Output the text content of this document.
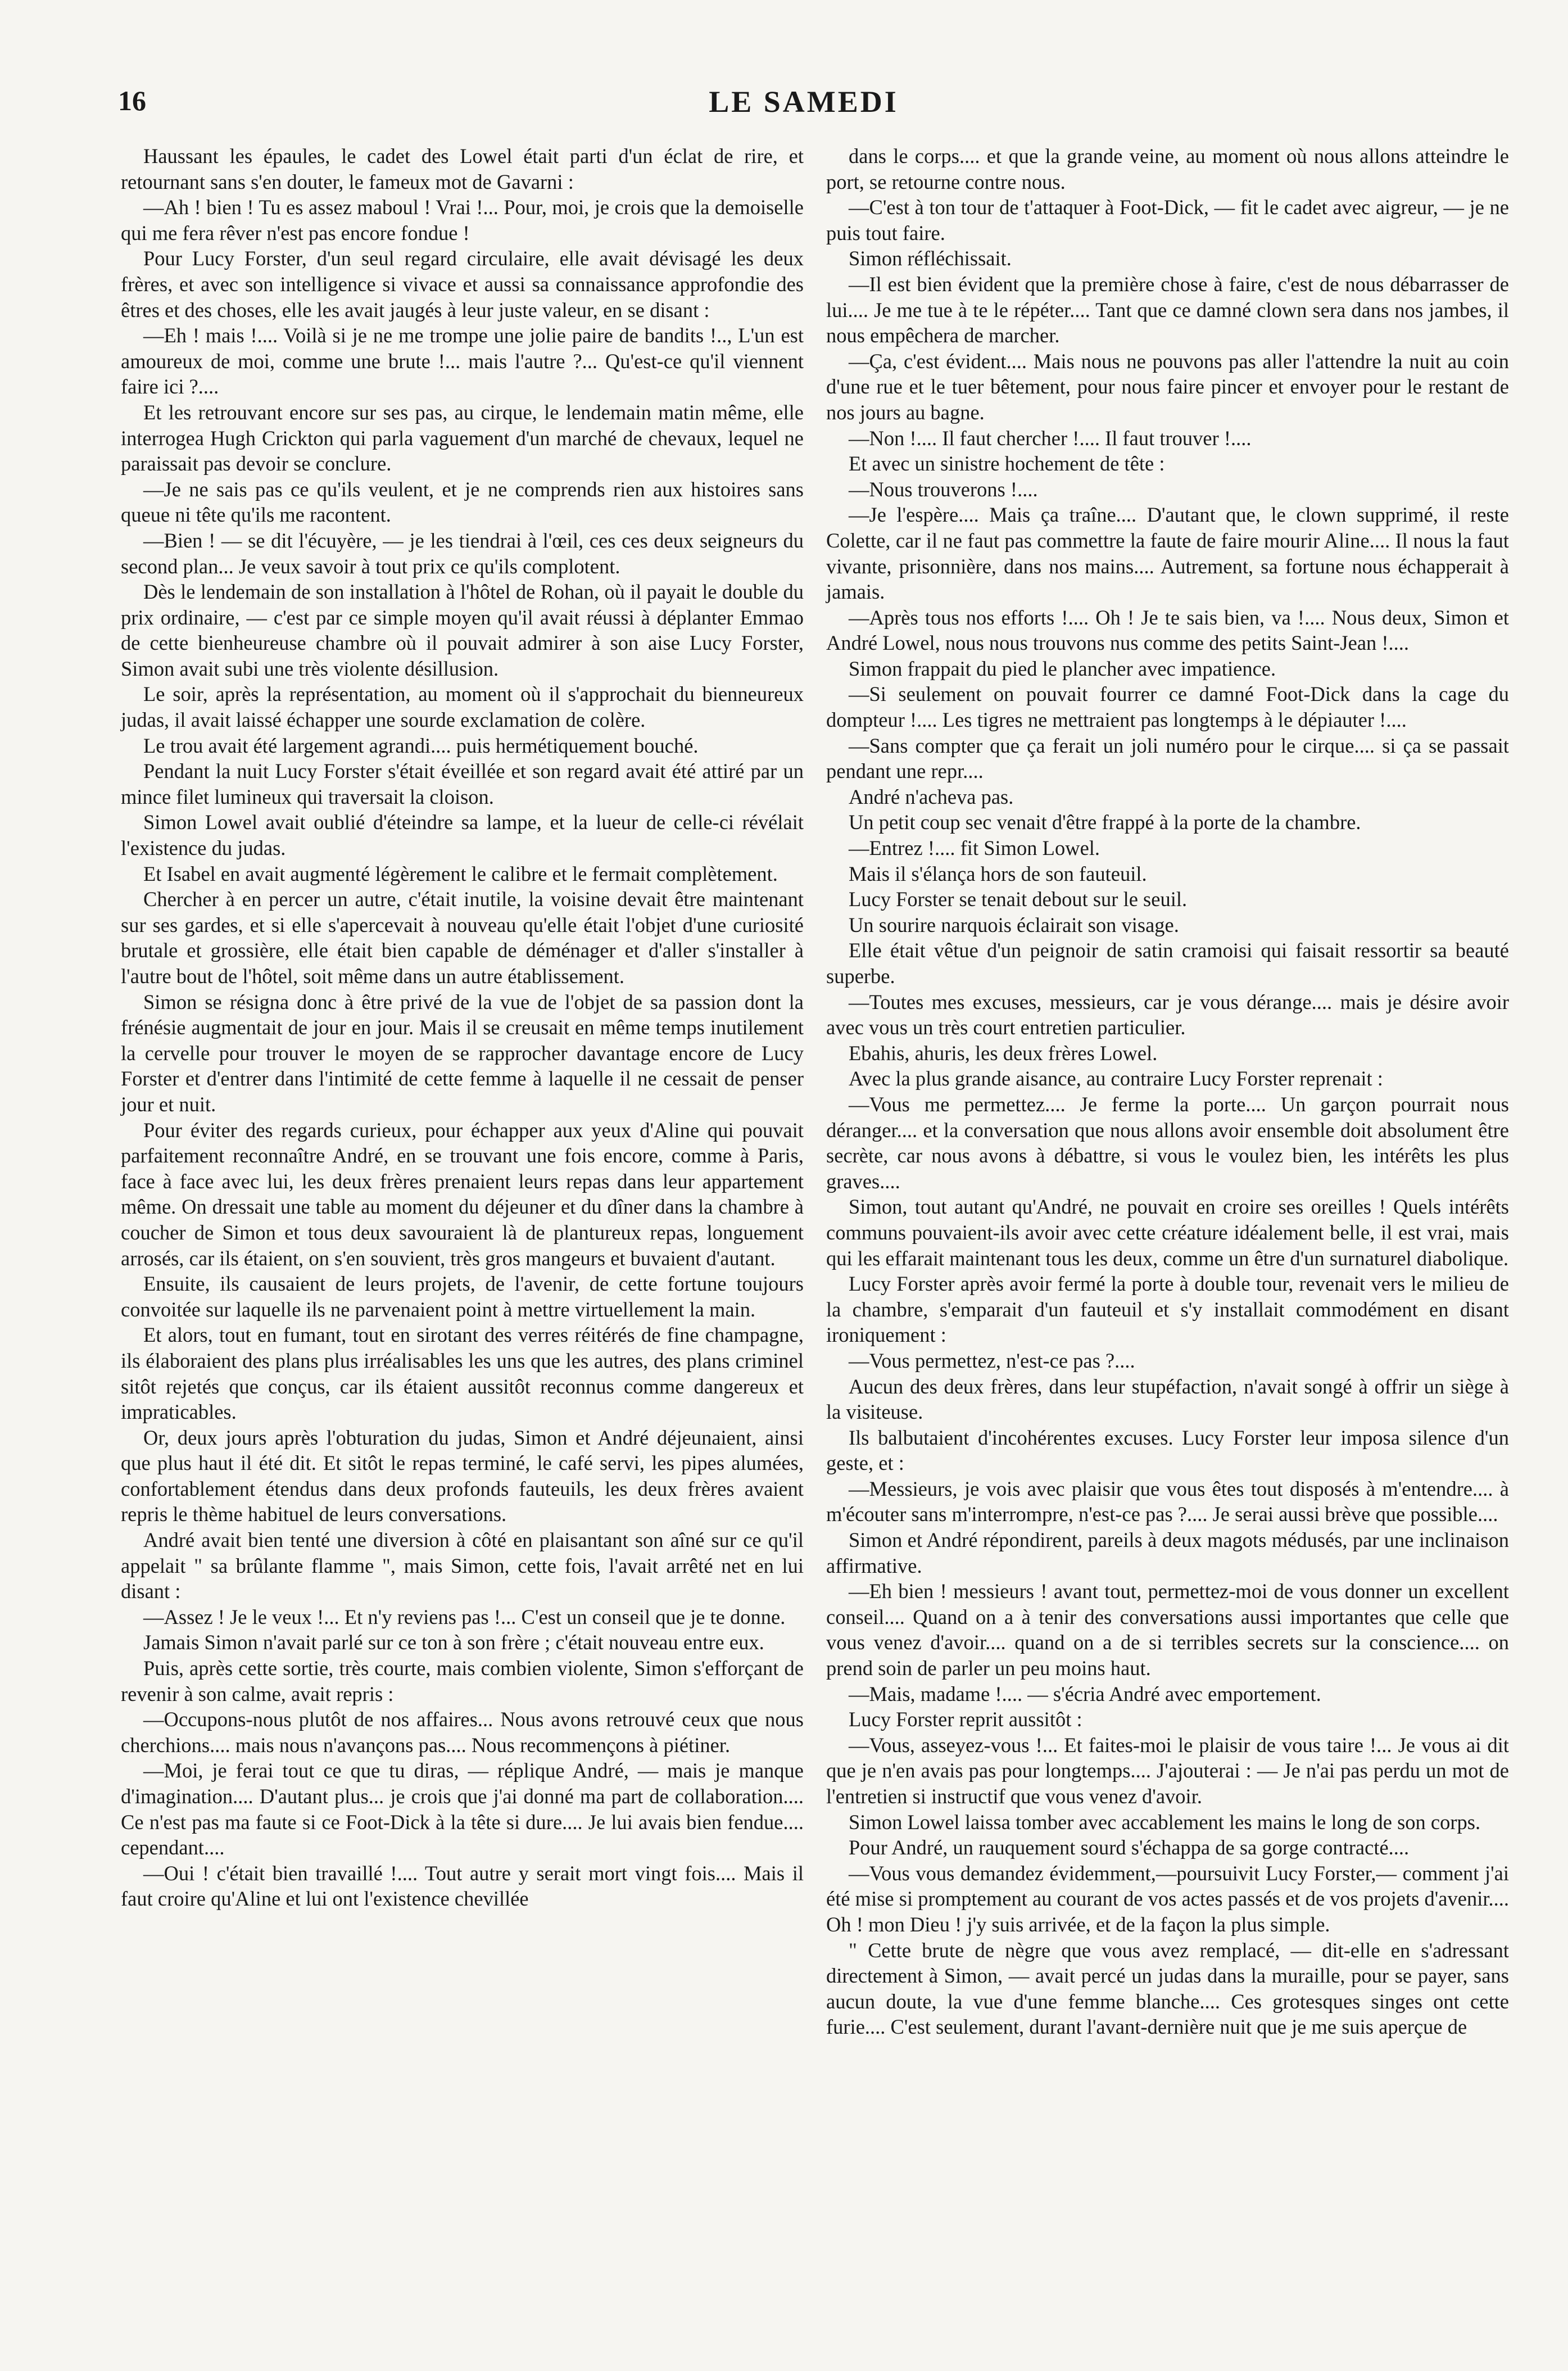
16	LE SAMEDI

Haussant les épaules, le cadet des Lowel était parti d'un éclat de rire, et retournant sans s'en douter, le fameux mot de Gavarni :

—Ah ! bien ! Tu es assez maboul ! Vrai !... Pour, moi, je crois que la demoiselle qui me fera rêver n'est pas encore fondue !

Pour Lucy Forster, d'un seul regard circulaire, elle avait dévisagé les deux frères, et avec son intelligence si vivace et aussi sa connaissance approfondie des êtres et des choses, elle les avait jaugés à leur juste valeur, en se disant :

—Eh ! mais !.... Voilà si je ne me trompe une jolie paire de bandits !.., L'un est amoureux de moi, comme une brute !... mais l'autre ?... Qu'est-ce qu'il viennent faire ici ?....

Et les retrouvant encore sur ses pas, au cirque, le lendemain matin même, elle interrogea Hugh Crickton qui parla vaguement d'un marché de chevaux, lequel ne paraissait pas devoir se conclure.

—Je ne sais pas ce qu'ils veulent, et je ne comprends rien aux histoires sans queue ni tête qu'ils me racontent.

—Bien ! — se dit l'écuyère, — je les tiendrai à l'œil, ces ces deux seigneurs du second plan... Je veux savoir à tout prix ce qu'ils complotent.

Dès le lendemain de son installation à l'hôtel de Rohan, où il payait le double du prix ordinaire, — c'est par ce simple moyen qu'il avait réussi à déplanter Emmao de cette bienheureuse chambre où il pouvait admirer à son aise Lucy Forster, Simon avait subi une très violente désillusion.

Le soir, après la représentation, au moment où il s'approchait du bienneureux judas, il avait laissé échapper une sourde exclamation de colère.

Le trou avait été largement agrandi.... puis hermétiquement bouché.

Pendant la nuit Lucy Forster s'était éveillée et son regard avait été attiré par un mince filet lumineux qui traversait la cloison.

Simon Lowel avait oublié d'éteindre sa lampe, et la lueur de celle-ci révélait l'existence du judas.

Et Isabel en avait augmenté légèrement le calibre et le fermait complètement.

Chercher à en percer un autre, c'était inutile, la voisine devait être maintenant sur ses gardes, et si elle s'apercevait à nouveau qu'elle était l'objet d'une curiosité brutale et grossière, elle était bien capable de déménager et d'aller s'installer à l'autre bout de l'hôtel, soit même dans un autre établissement.

Simon se résigna donc à être privé de la vue de l'objet de sa passion dont la frénésie augmentait de jour en jour. Mais il se creusait en même temps inutilement la cervelle pour trouver le moyen de se rapprocher davantage encore de Lucy Forster et d'entrer dans l'intimité de cette femme à laquelle il ne cessait de penser jour et nuit.

Pour éviter des regards curieux, pour échapper aux yeux d'Aline qui pouvait parfaitement reconnaître André, en se trouvant une fois encore, comme à Paris, face à face avec lui, les deux frères prenaient leurs repas dans leur appartement même. On dressait une table au moment du déjeuner et du dîner dans la chambre à coucher de Simon et tous deux savouraient là de plantureux repas, longuement arrosés, car ils étaient, on s'en souvient, très gros mangeurs et buvaient d'autant.

Ensuite, ils causaient de leurs projets, de l'avenir, de cette fortune toujours convoitée sur laquelle ils ne parvenaient point à mettre virtuellement la main.

Et alors, tout en fumant, tout en sirotant des verres réitérés de fine champagne, ils élaboraient des plans plus irréalisables les uns que les autres, des plans criminel sitôt rejetés que conçus, car ils étaient aussitôt reconnus comme dangereux et impraticables.

Or, deux jours après l'obturation du judas, Simon et André déjeunaient, ainsi que plus haut il été dit. Et sitôt le repas terminé, le café servi, les pipes alumées, confortablement étendus dans deux profonds fauteuils, les deux frères avaient repris le thème habituel de leurs conversations.

André avait bien tenté une diversion à côté en plaisantant son aîné sur ce qu'il appelait " sa brûlante flamme ", mais Simon, cette fois, l'avait arrêté net en lui disant :

—Assez ! Je le veux !... Et n'y reviens pas !... C'est un conseil que je te donne.

Jamais Simon n'avait parlé sur ce ton à son frère ; c'était nouveau entre eux.

Puis, après cette sortie, très courte, mais combien violente, Simon s'efforçant de revenir à son calme, avait repris :

—Occupons-nous plutôt de nos affaires... Nous avons retrouvé ceux que nous cherchions.... mais nous n'avançons pas.... Nous recommençons à piétiner.

—Moi, je ferai tout ce que tu diras, — réplique André, — mais je manque d'imagination.... D'autant plus... je crois que j'ai donné ma part de collaboration.... Ce n'est pas ma faute si ce Foot-Dick à la tête si dure.... Je lui avais bien fendue.... cependant....

—Oui ! c'était bien travaillé !.... Tout autre y serait mort vingt fois.... Mais il faut croire qu'Aline et lui ont l'existence chevillée

dans le corps.... et que la grande veine, au moment où nous allons atteindre le port, se retourne contre nous.

—C'est à ton tour de t'attaquer à Foot-Dick, — fit le cadet avec aigreur, — je ne puis tout faire.

Simon réfléchissait.

—Il est bien évident que la première chose à faire, c'est de nous débarrasser de lui.... Je me tue à te le répéter.... Tant que ce damné clown sera dans nos jambes, il nous empêchera de marcher.

—Ça, c'est évident.... Mais nous ne pouvons pas aller l'attendre la nuit au coin d'une rue et le tuer bêtement, pour nous faire pincer et envoyer pour le restant de nos jours au bagne.

—Non !.... Il faut chercher !.... Il faut trouver !....

Et avec un sinistre hochement de tête :

—Nous trouverons !....

—Je l'espère.... Mais ça traîne.... D'autant que, le clown supprimé, il reste Colette, car il ne faut pas commettre la faute de faire mourir Aline.... Il nous la faut vivante, prisonnière, dans nos mains.... Autrement, sa fortune nous échapperait à jamais.

—Après tous nos efforts !.... Oh ! Je te sais bien, va !.... Nous deux, Simon et André Lowel, nous nous trouvons nus comme des petits Saint-Jean !....

Simon frappait du pied le plancher avec impatience.

—Si seulement on pouvait fourrer ce damné Foot-Dick dans la cage du dompteur !.... Les tigres ne mettraient pas longtemps à le dépiauter !....

—Sans compter que ça ferait un joli numéro pour le cirque.... si ça se passait pendant une repr....

André n'acheva pas.

Un petit coup sec venait d'être frappé à la porte de la chambre.

—Entrez !.... fit Simon Lowel.

Mais il s'élança hors de son fauteuil.

Lucy Forster se tenait debout sur le seuil.

Un sourire narquois éclairait son visage.

Elle était vêtue d'un peignoir de satin cramoisi qui faisait ressortir sa beauté superbe.

—Toutes mes excuses, messieurs, car je vous dérange.... mais je désire avoir avec vous un très court entretien particulier.

Ebahis, ahuris, les deux frères Lowel.

Avec la plus grande aisance, au contraire Lucy Forster reprenait :

—Vous me permettez.... Je ferme la porte.... Un garçon pourrait nous déranger.... et la conversation que nous allons avoir ensemble doit absolument être secrète, car nous avons à débattre, si vous le voulez bien, les intérêts les plus graves....

Simon, tout autant qu'André, ne pouvait en croire ses oreilles ! Quels intérêts communs pouvaient-ils avoir avec cette créature idéalement belle, il est vrai, mais qui les effarait maintenant tous les deux, comme un être d'un surnaturel diabolique.

Lucy Forster après avoir fermé la porte à double tour, revenait vers le milieu de la chambre, s'emparait d'un fauteuil et s'y installait commodément en disant ironiquement :

—Vous permettez, n'est-ce pas ?....

Aucun des deux frères, dans leur stupéfaction, n'avait songé à offrir un siège à la visiteuse.

Ils balbutaient d'incohérentes excuses. Lucy Forster leur imposa silence d'un geste, et :

—Messieurs, je vois avec plaisir que vous êtes tout disposés à m'entendre.... à m'écouter sans m'interrompre, n'est-ce pas ?.... Je serai aussi brève que possible....

Simon et André répondirent, pareils à deux magots médusés, par une inclinaison affirmative.

—Eh bien ! messieurs ! avant tout, permettez-moi de vous donner un excellent conseil.... Quand on a à tenir des conversations aussi importantes que celle que vous venez d'avoir.... quand on a de si terribles secrets sur la conscience.... on prend soin de parler un peu moins haut.

—Mais, madame !.... — s'écria André avec emportement.

Lucy Forster reprit aussitôt :

—Vous, asseyez-vous !... Et faites-moi le plaisir de vous taire !... Je vous ai dit que je n'en avais pas pour longtemps.... J'ajouterai : — Je n'ai pas perdu un mot de l'entretien si instructif que vous venez d'avoir.

Simon Lowel laissa tomber avec accablement les mains le long de son corps.

Pour André, un rauquement sourd s'échappa de sa gorge contracté....

—Vous vous demandez évidemment,—poursuivit Lucy Forster,— comment j'ai été mise si promptement au courant de vos actes passés et de vos projets d'avenir.... Oh ! mon Dieu ! j'y suis arrivée, et de la façon la plus simple.

" Cette brute de nègre que vous avez remplacé, — dit-elle en s'adressant directement à Simon, — avait percé un judas dans la muraille, pour se payer, sans aucun doute, la vue d'une femme blanche.... Ces grotesques singes ont cette furie.... C'est seulement, durant l'avant-dernière nuit que je me suis aperçue de
